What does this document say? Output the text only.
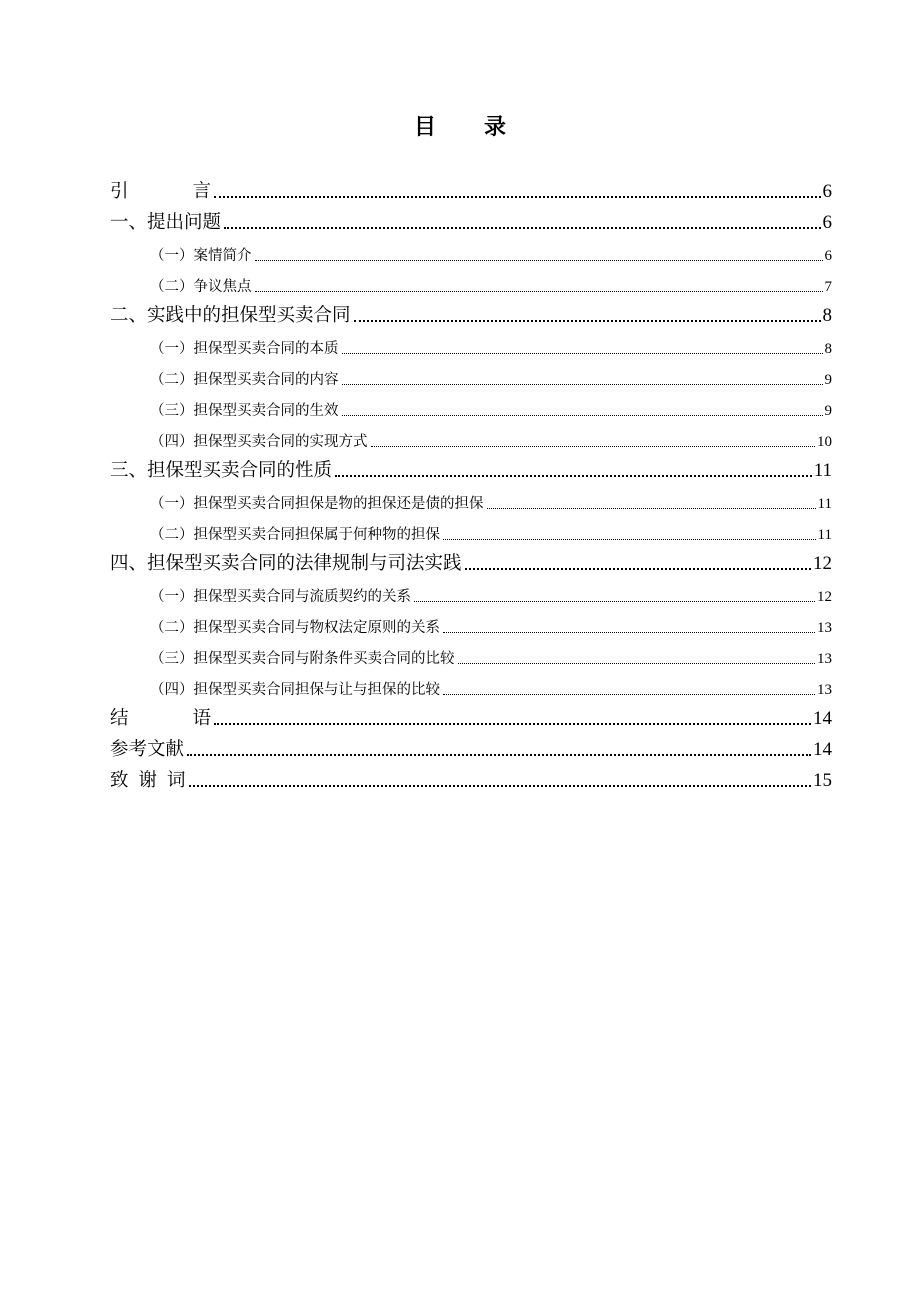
目录
引	言	6
一、提出问题	6
（一）案情简介	6
（二）争议焦点	7
二、实践中的担保型买卖合同	8
（一）担保型买卖合同的本质	8
（二）担保型买卖合同的内容	9
（三）担保型买卖合同的生效	9
（四）担保型买卖合同的实现方式	10
三、担保型买卖合同的性质	11
（一）担保型买卖合同担保是物的担保还是债的担保	11
（二）担保型买卖合同担保属于何种物的担保	11
四、担保型买卖合同的法律规制与司法实践	12
（一）担保型买卖合同与流质契约的关系	12
（二）担保型买卖合同与物权法定原则的关系	13
（三）担保型买卖合同与附条件买卖合同的比较	13
（四）担保型买卖合同担保与让与担保的比较	13
结	语	14
参考文献	14
致 谢 词	15
